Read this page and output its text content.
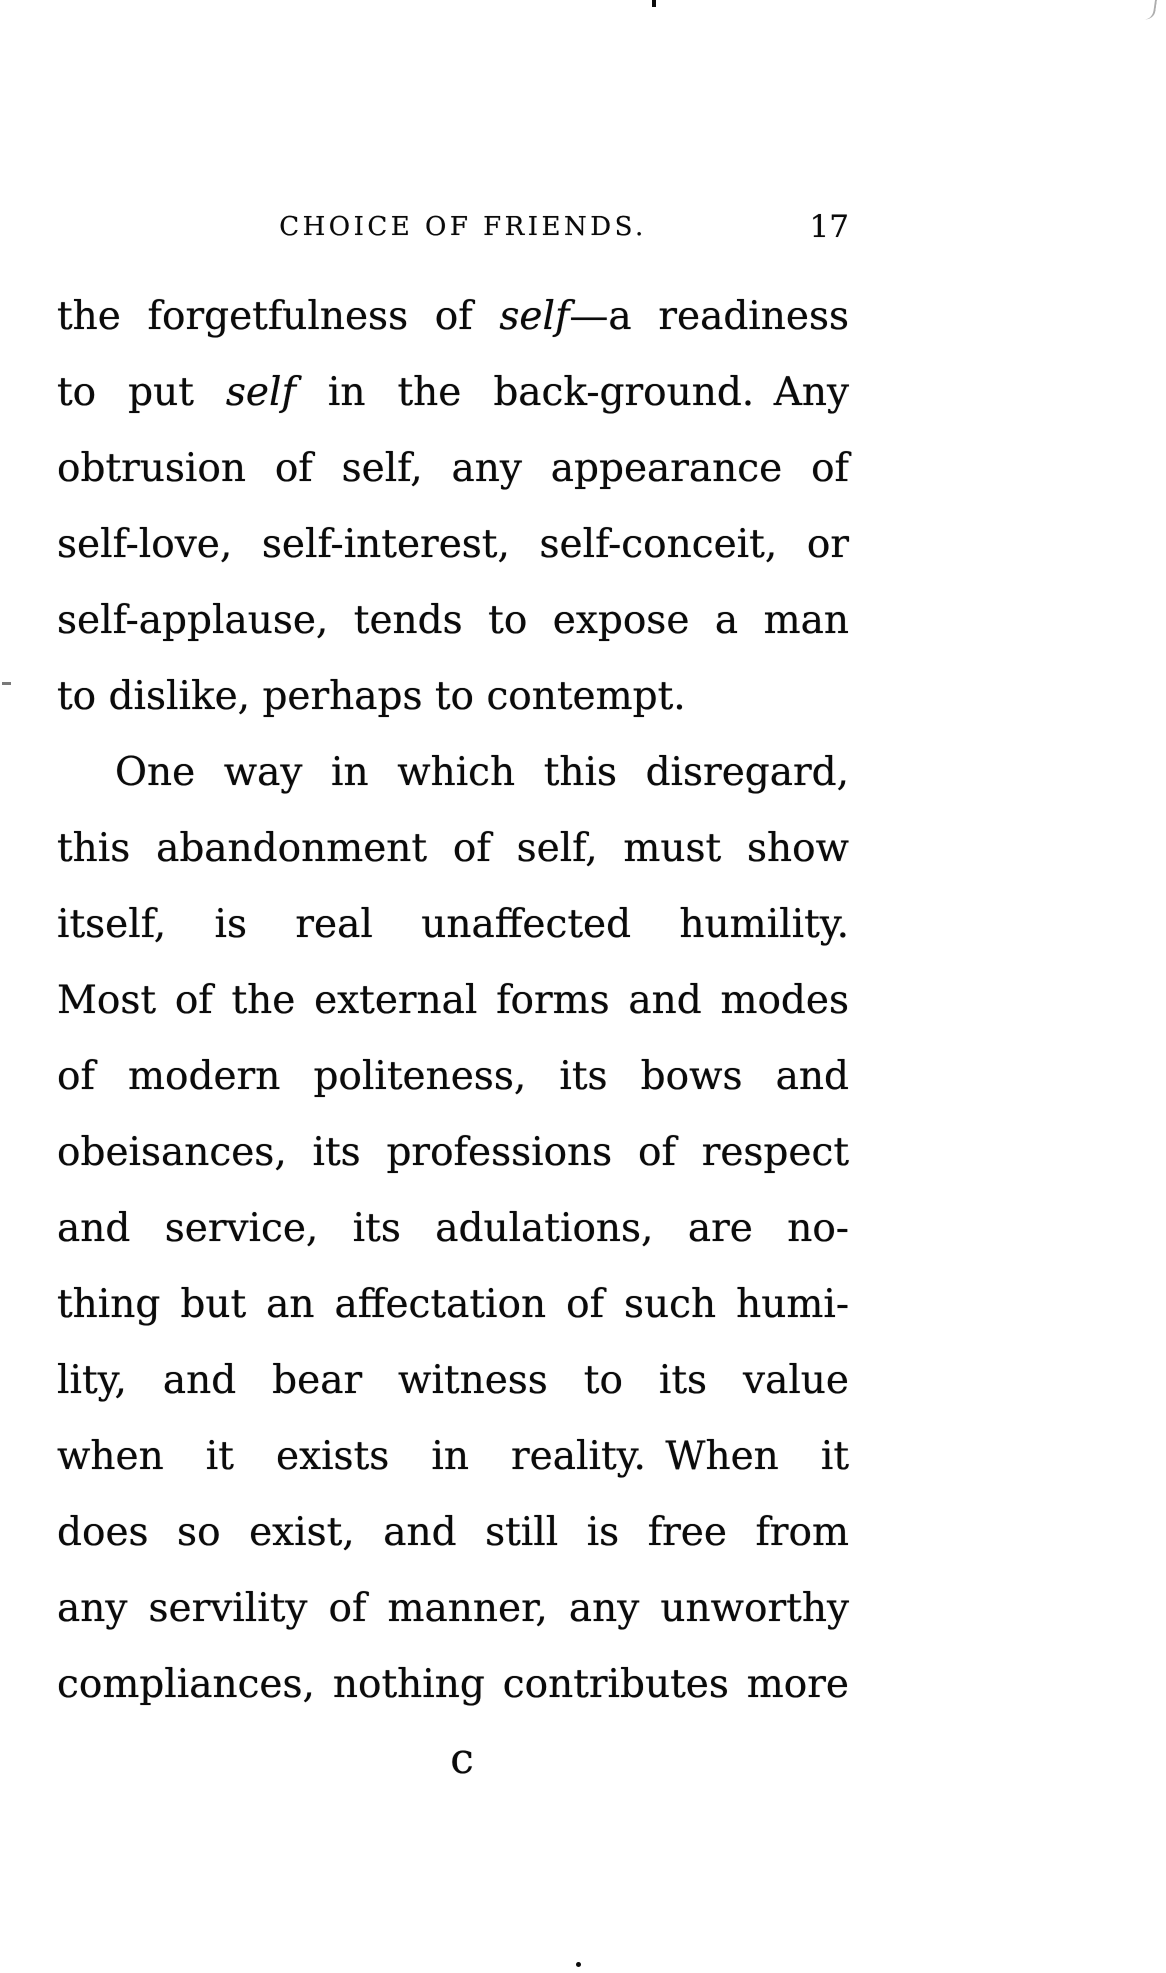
CHOICE OF FRIENDS.	17
the forgetfulness of self—a readiness
to put self in the back-ground. Any
obtrusion of self, any appearance of
self-love, self-interest, self-conceit, or
self-applause, tends to expose a man
to dislike, perhaps to contempt.
One way in which this disregard,
this abandonment of self, must show
itself, is real unaffected humility.
Most of the external forms and modes
of modern politeness, its bows and
obeisances, its professions of respect
and service, its adulations, are no-
thing but an affectation of such humi-
lity, and bear witness to its value
when it exists in reality. When it
does so exist, and still is free from
any servility of manner, any unworthy
compliances, nothing contributes more
c
